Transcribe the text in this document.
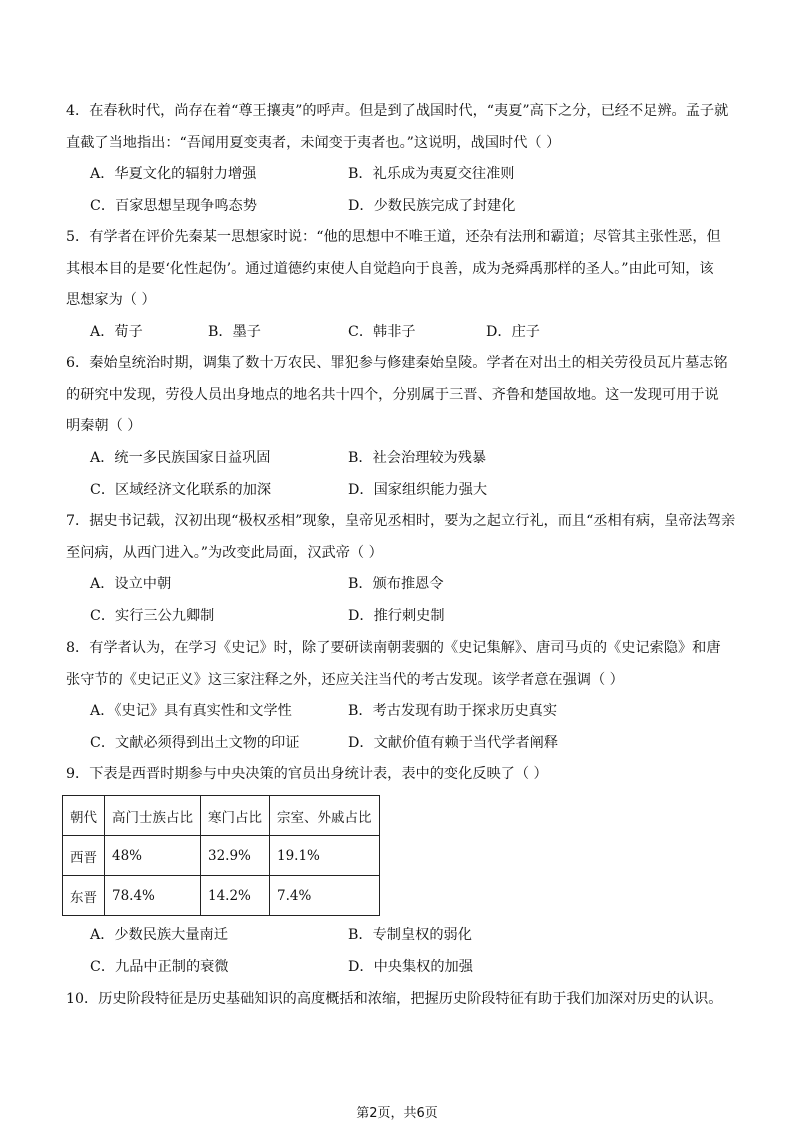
4．在春秋时代，尚存在着“尊王攘夷”的呼声。但是到了战国时代，“夷夏”高下之分，已经不足辨。孟子就

直截了当地指出：“吾闻用夏变夷者，未闻变于夷者也。”这说明，战国时代（ ）

A．华夏文化的辐射力增强	B．礼乐成为夷夏交往准则
C．百家思想呈现争鸣态势	D．少数民族完成了封建化

5．有学者在评价先秦某一思想家时说：“他的思想中不唯王道，还杂有法刑和霸道；尽管其主张性恶，但

其根本目的是要‘化性起伪’。通过道德约束使人自觉趋向于良善，成为尧舜禹那样的圣人。”由此可知，该

思想家为（ ）

A．荀子	B．墨子	C．韩非子	D．庄子

6．秦始皇统治时期，调集了数十万农民、罪犯参与修建秦始皇陵。学者在对出土的相关劳役员瓦片墓志铭

的研究中发现，劳役人员出身地点的地名共十四个，分别属于三晋、齐鲁和楚国故地。这一发现可用于说

明秦朝（ ）

A．统一多民族国家日益巩固	B．社会治理较为残暴
C．区域经济文化联系的加深	D．国家组织能力强大

7．据史书记载，汉初出现“极权丞相”现象，皇帝见丞相时，要为之起立行礼，而且“丞相有病，皇帝法驾亲

至问病，从西门进入。”为改变此局面，汉武帝（ ）

A．设立中朝	B．颁布推恩令
C．实行三公九卿制	D．推行刺史制

8．有学者认为，在学习《史记》时，除了要研读南朝裴骃的《史记集解》、唐司马贞的《史记索隐》和唐

张守节的《史记正义》这三家注释之外，还应关注当代的考古发现。该学者意在强调（ ）

A．《史记》具有真实性和文学性	B．考古发现有助于探求历史真实
C．文献必须得到出土文物的印证	D．文献价值有赖于当代学者阐释

9．下表是西晋时期参与中央决策的官员出身统计表，表中的变化反映了（ ）

朝代	高门士族占比	寒门占比	宗室、外戚占比
西晋	48%	32.9%	19.1%
东晋	78.4%	14.2%	7.4%
A．少数民族大量南迁	B．专制皇权的弱化
C．九品中正制的衰微	D．中央集权的加强

10．历史阶段特征是历史基础知识的高度概括和浓缩，把握历史阶段特征有助于我们加深对历史的认识。

第2页，共6页
